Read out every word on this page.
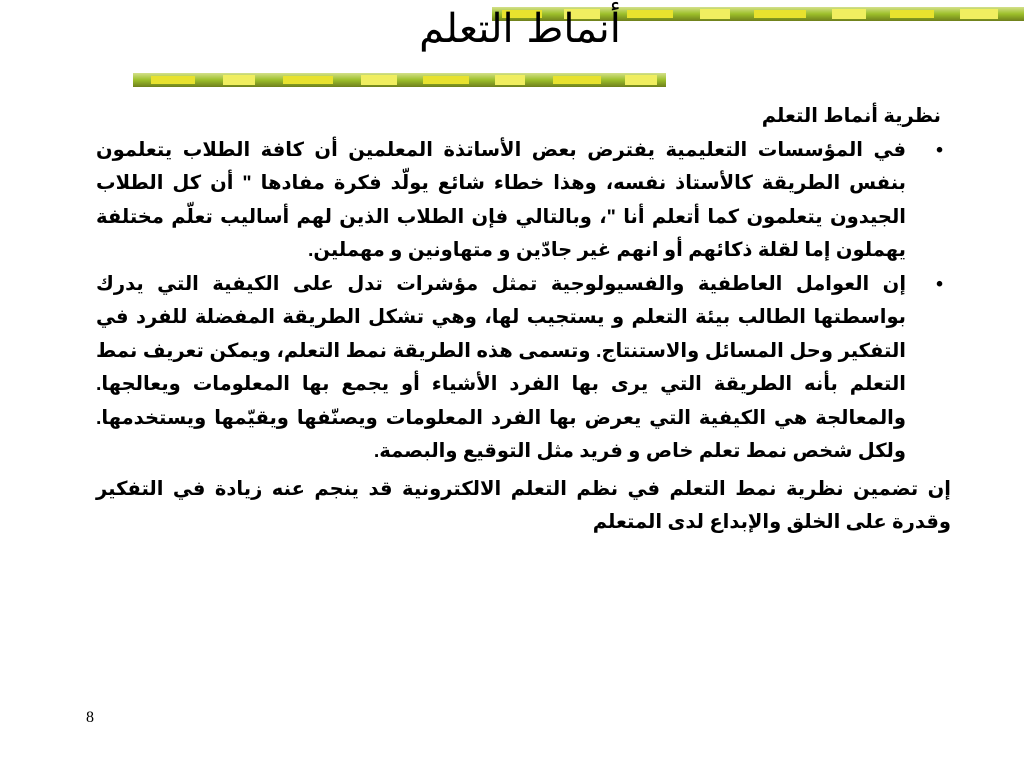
أنماط التعلم
نظرية أنماط التعلم
•
في المؤسسات التعليمية يفترض بعض الأساتذة المعلمين أن كافة الطلاب يتعلمون بنفس الطريقة كالأستاذ نفسه، وهذا خطاء شائع يولّد فكرة مفادها " أن كل الطلاب الجيدون يتعلمون كما أتعلم أنا "، وبالتالي فإن الطلاب الذين لهم أساليب تعلّم مختلفة يهملون إما لقلة ذكائهم أو انهم غير جادّين و متهاونين و مهملين.
•
إن العوامل العاطفية والفسيولوجية تمثل مؤشرات تدل على الكيفية التي يدرك بواسطتها الطالب بيئة التعلم و يستجيب لها، وهي تشكل الطريقة المفضلة للفرد في التفكير وحل المسائل والاستنتاج. وتسمى هذه الطريقة نمط التعلم، ويمكن تعريف نمط التعلم بأنه الطريقة التي يرى بها الفرد الأشياء أو يجمع بها المعلومات ويعالجها. والمعالجة هي الكيفية التي يعرض بها الفرد المعلومات ويصنّفها ويقيّمها ويستخدمها. ولكل شخص نمط تعلم خاص و فريد مثل التوقيع والبصمة.
إن تضمين نظرية نمط التعلم في نظم التعلم الالكترونية قد ينجم عنه زيادة في التفكير وقدرة على الخلق والإبداع لدى المتعلم
8
